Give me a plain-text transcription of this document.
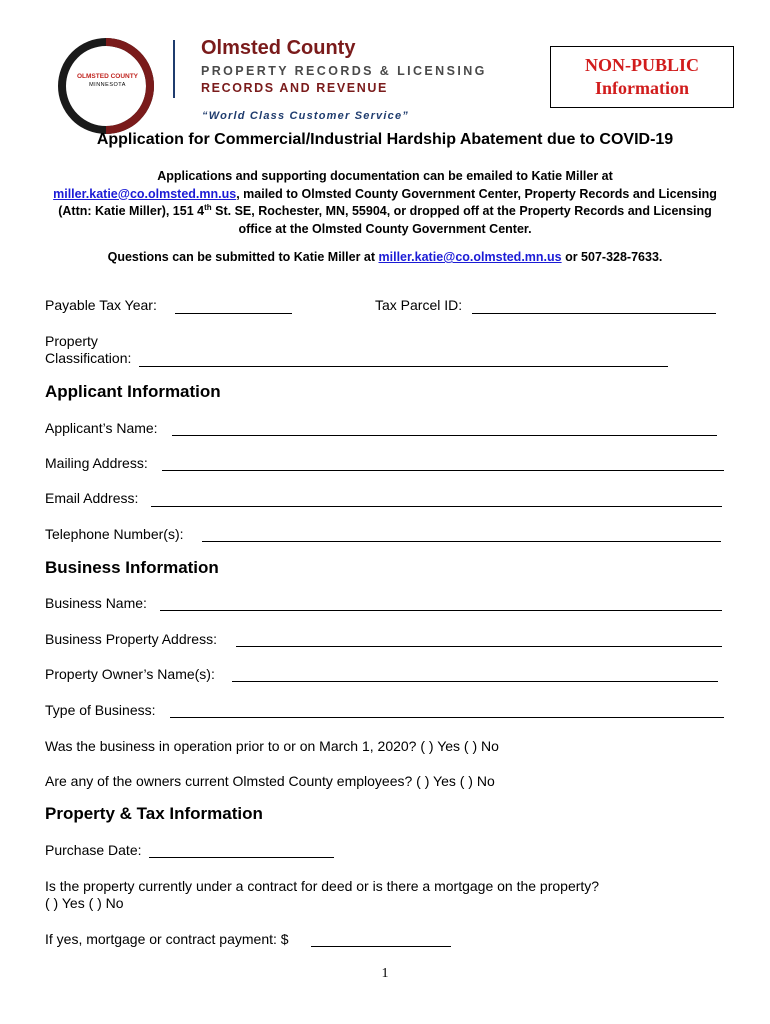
OLMSTED COUNTY
MINNESOTA
Olmsted County
PROPERTY RECORDS & LICENSING
RECORDS AND REVENUE
“World Class Customer Service”
NON-PUBLIC
Information
Application for Commercial/Industrial Hardship Abatement due to COVID-19
Applications and supporting documentation can be emailed to Katie Miller at
miller.katie@co.olmsted.mn.us, mailed to Olmsted County Government Center, Property Records and Licensing (Attn: Katie Miller), 151 4th St. SE, Rochester, MN, 55904, or dropped off at the Property Records and Licensing office at the Olmsted County Government Center.
Questions can be submitted to Katie Miller at miller.katie@co.olmsted.mn.us or 507-328-7633.
Payable Tax Year:	Tax Parcel ID:
Property
Classification:
Applicant Information
Applicant’s Name:
Mailing Address:
Email Address:
Telephone Number(s):
Business Information
Business Name:
Business Property Address:
Property Owner’s Name(s):
Type of Business:
Was the business in operation prior to or on March 1, 2020? ( ) Yes ( ) No
Are any of the owners current Olmsted County employees? ( ) Yes ( ) No
Property & Tax Information
Purchase Date:
Is the property currently under a contract for deed or is there a mortgage on the property?
( ) Yes ( ) No
If yes, mortgage or contract payment: $
1
